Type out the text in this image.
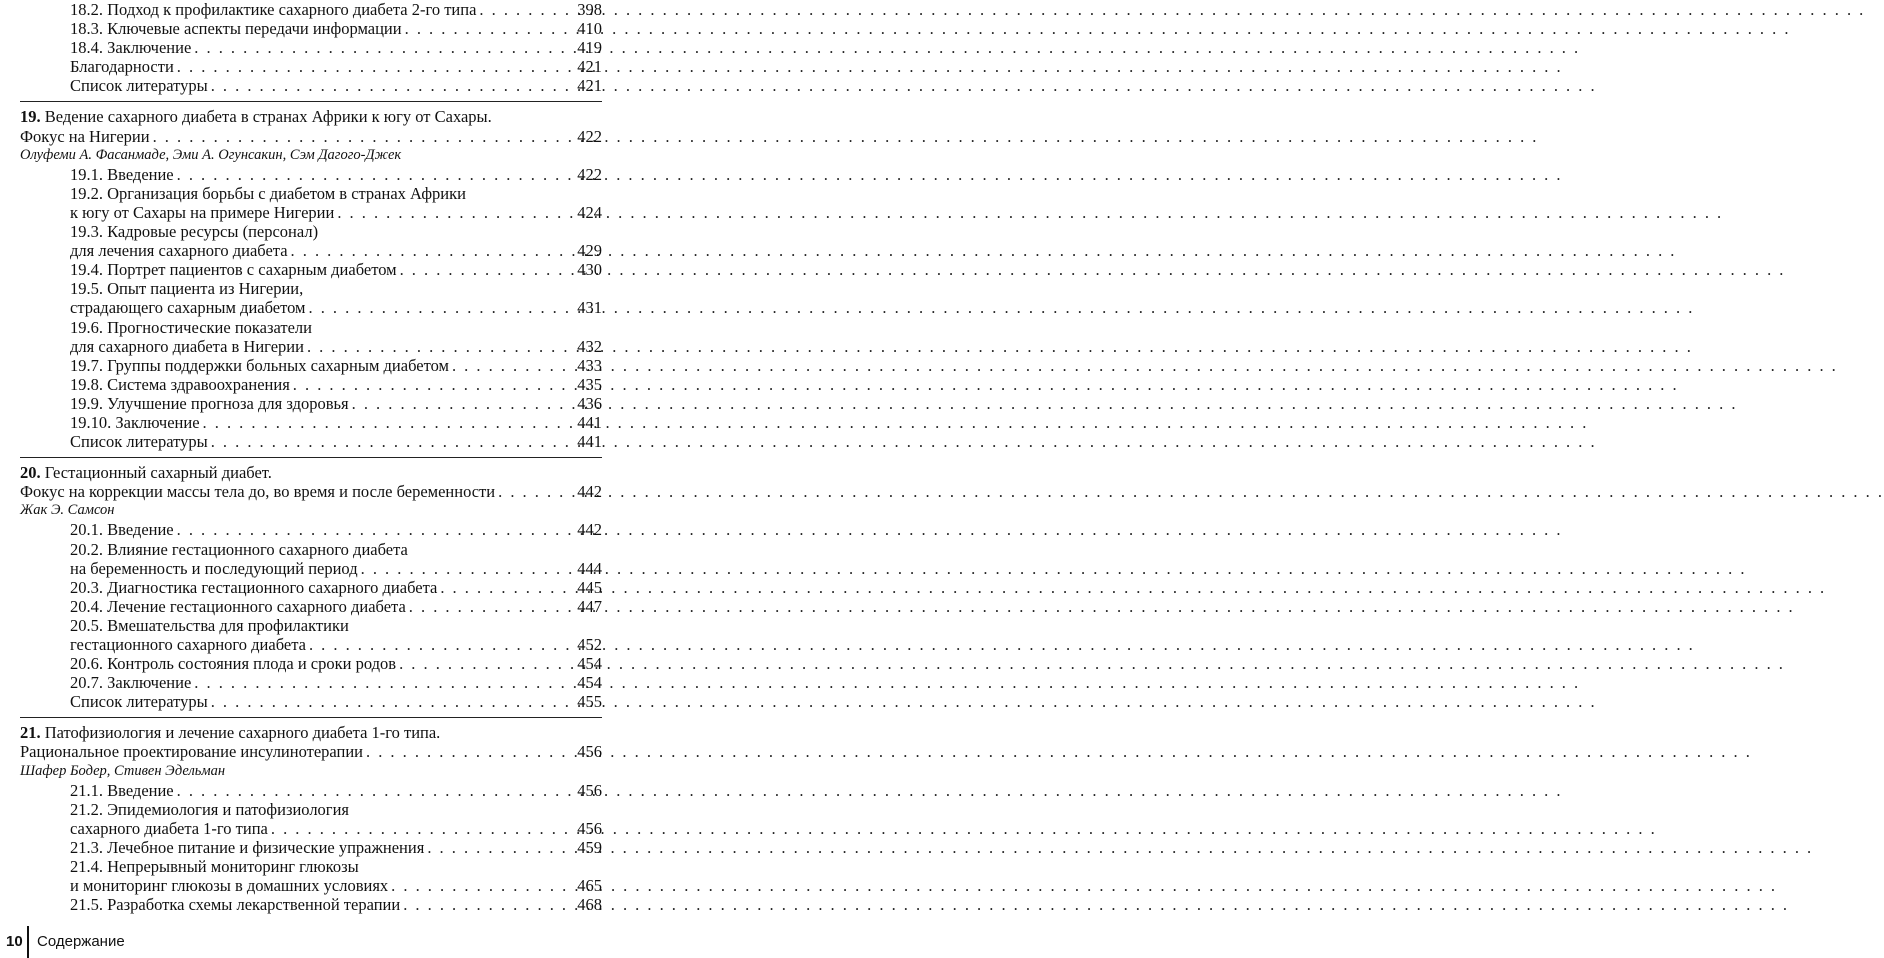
18.2. Подход к профилактике сахарного диабета 2-го типа . . .	398
18.3. Ключевые аспекты передачи информации . . .	410
18.4. Заключение . . .	419
Благодарности . . .	421
Список литературы . . .	421
19.
Ведение сахарного диабета в странах Африки к югу от Сахары.
Фокус на Нигерии . . .	422
Олуфеми А. Фасанмаде, Эми А. Огунсакин, Сэм Дагого-Джек
19.1. Введение . . .	422
19.2. Организация борьбы с диабетом в странах Африки
к югу от Сахары на примере Нигерии . . .	424
19.3. Кадровые ресурсы (персонал)
для лечения сахарного диабета . . .	429
19.4. Портрет пациентов с сахарным диабетом . . .	430
19.5. Опыт пациента из Нигерии,
страдающего сахарным диабетом . . .	431
19.6. Прогностические показатели
для сахарного диабета в Нигерии . . .	432
19.7. Группы поддержки больных сахарным диабетом . . .	433
19.8. Система здравоохранения . . .	435
19.9. Улучшение прогноза для здоровья . . .	436
19.10. Заключение . . .	441
Список литературы . . .	441
20.
Гестационный сахарный диабет.
Фокус на коррекции массы тела до, во время и после беременности . . .	442
Жак Э. Самсон
20.1. Введение . . .	442
20.2. Влияние гестационного сахарного диабета
на беременность и последующий период . . .	444
20.3. Диагностика гестационного сахарного диабета . . .	445
20.4. Лечение гестационного сахарного диабета . . .	447
20.5. Вмешательства для профилактики
гестационного сахарного диабета . . .	452
20.6. Контроль состояния плода и сроки родов . . .	454
20.7. Заключение . . .	454
Список литературы . . .	455
21.
Патофизиология и лечение сахарного диабета 1-го типа.
Рациональное проектирование инсулинотерапии . . .	456
Шафер Бодер, Стивен Эдельман
21.1. Введение . . .	456
21.2. Эпидемиология и патофизиология
сахарного диабета 1-го типа . . .	456
21.3. Лечебное питание и физические упражнения . . .	459
21.4. Непрерывный мониторинг глюкозы
и мониторинг глюкозы в домашних условиях . . .	465
21.5. Разработка схемы лекарственной терапии . . .	468
10 Содержание
